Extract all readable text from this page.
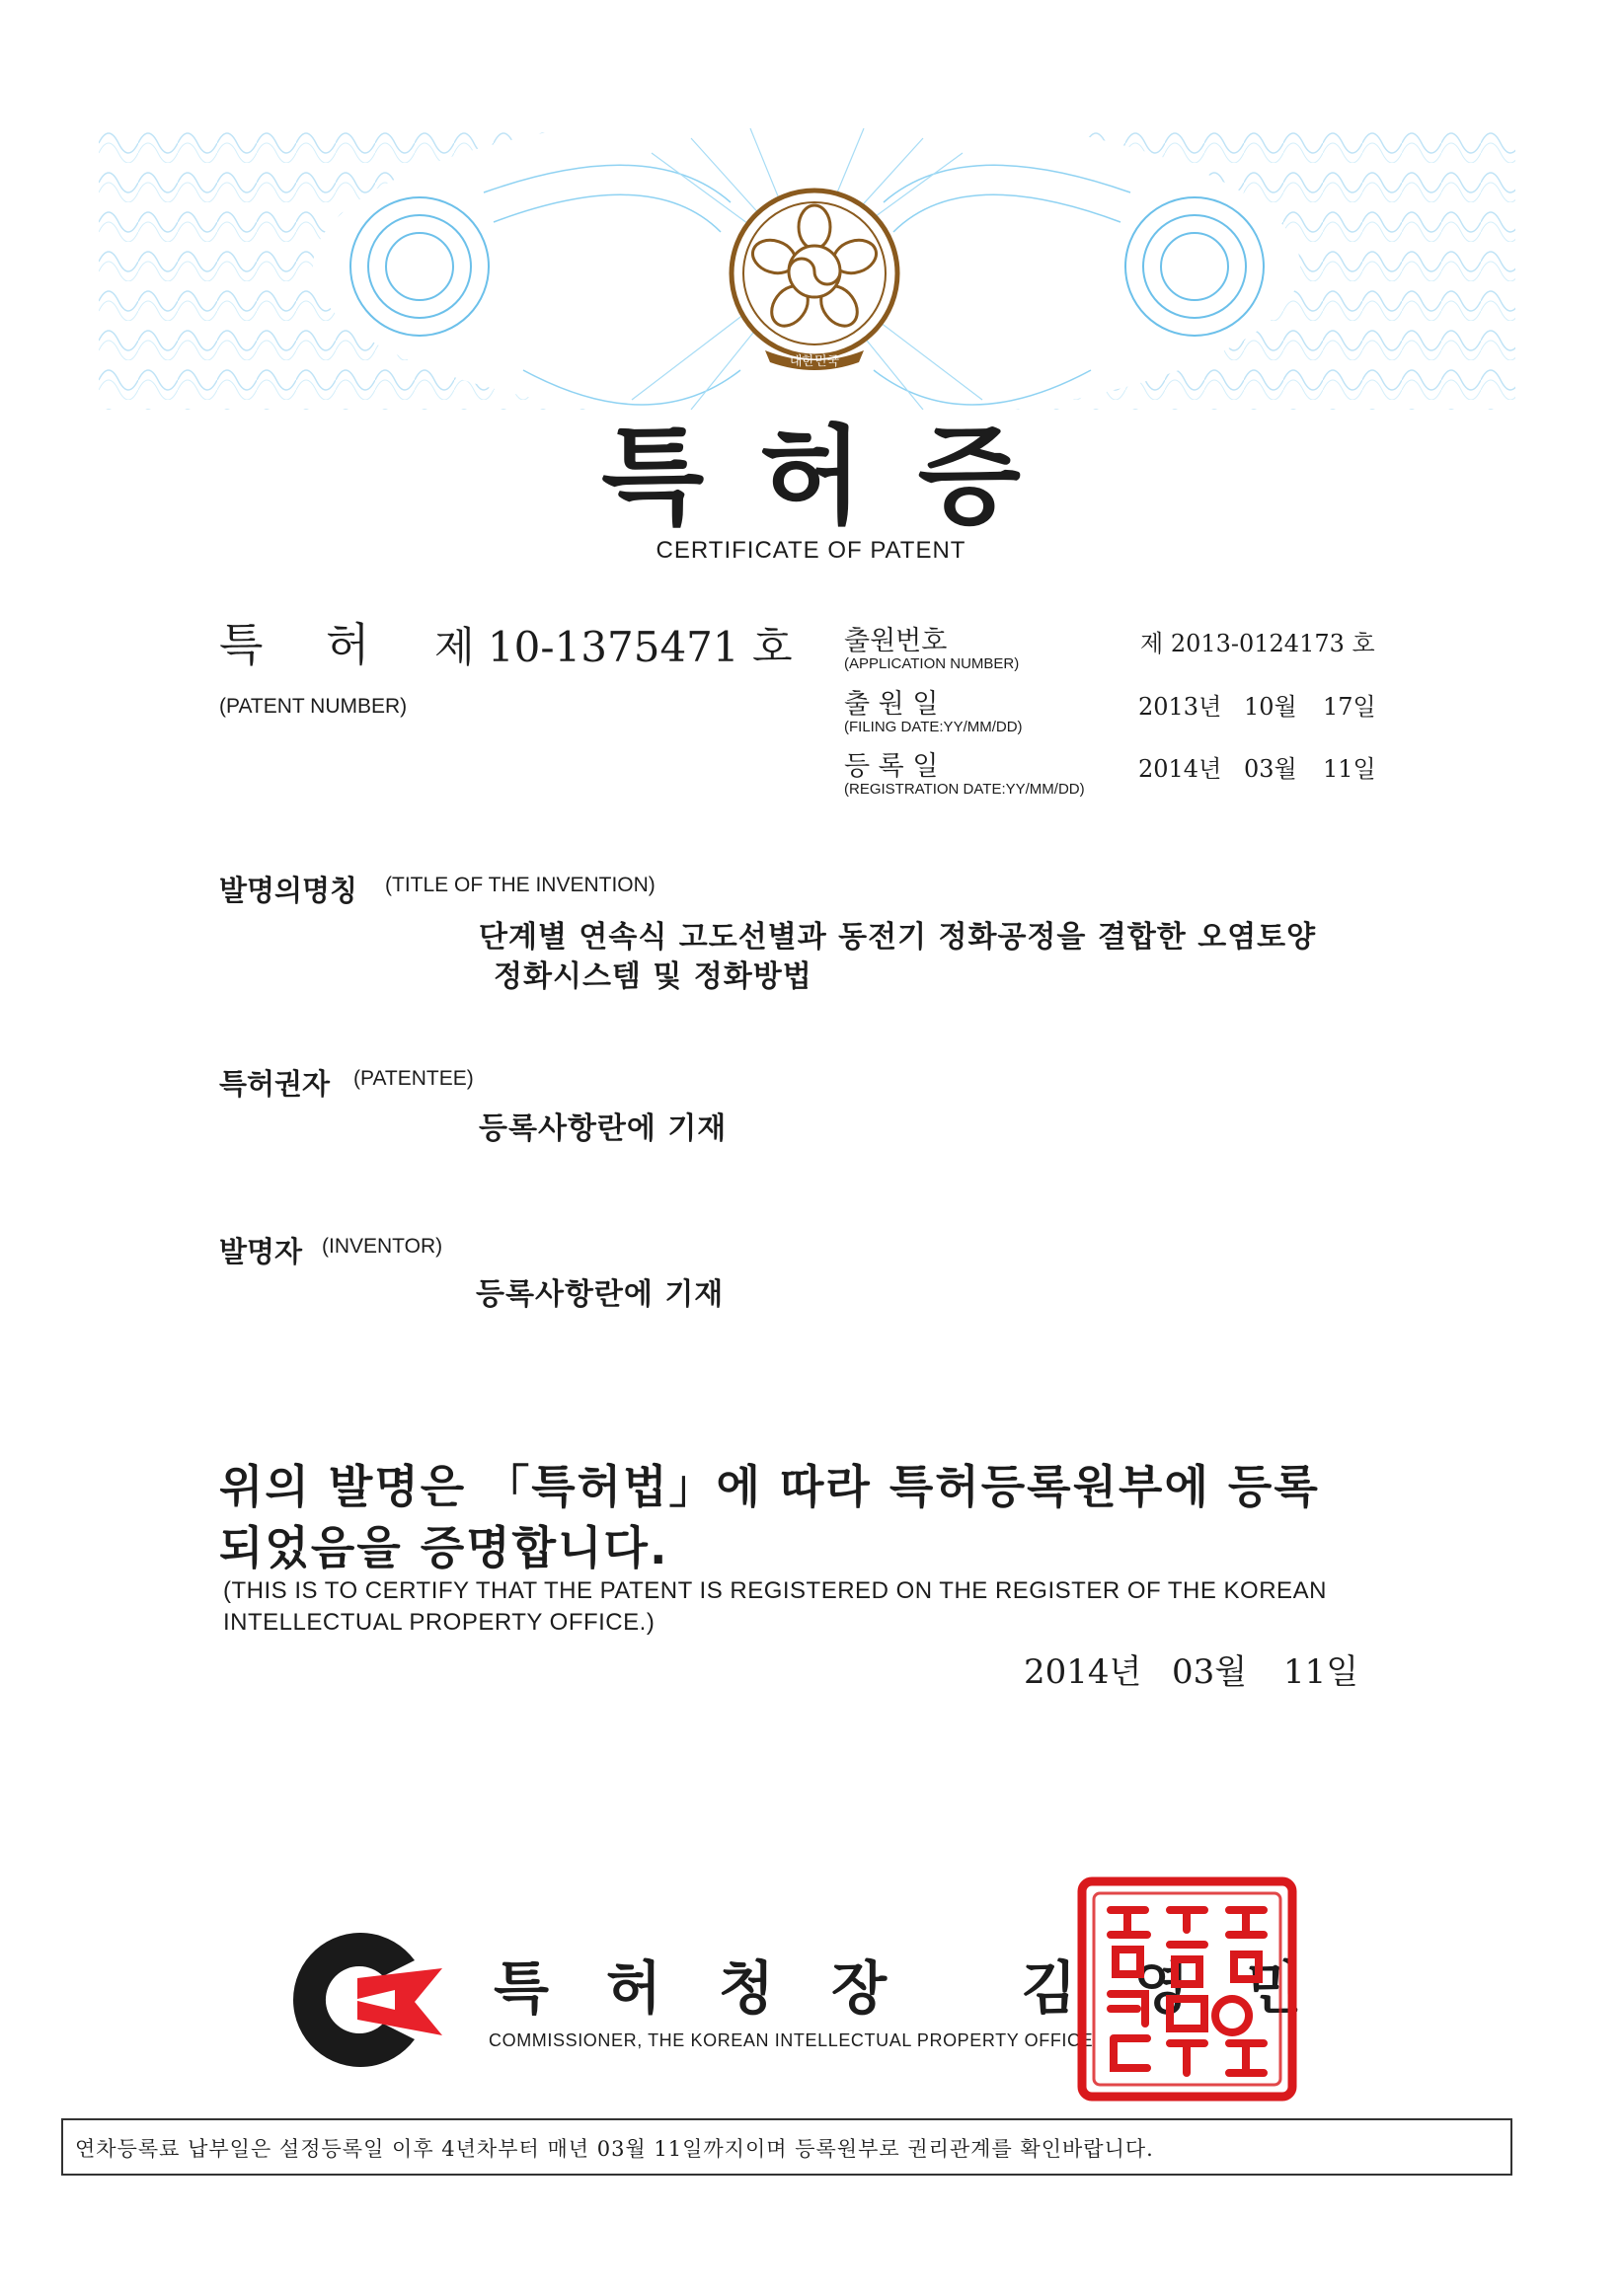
대한민국
특허증
CERTIFICATE OF PATENT
특 허 제 10-1375471 호
(PATENT NUMBER)
출원번호
(APPLICATION NUMBER)
제 2013-0124173 호
출 원 일
(FILING DATE:YY/MM/DD)
2013년 10월 17일
등 록 일
(REGISTRATION DATE:YY/MM/DD)
2014년 03월 11일
발명의명칭 (TITLE OF THE INVENTION)
단계별 연속식 고도선별과 동전기 정화공정을 결합한 오염토양
정화시스템 및 정화방법
특허권자 (PATENTEE)
등록사항란에 기재
발명자 (INVENTOR)
등록사항란에 기재
위의 발명은 「특허법」에 따라 특허등록원부에 등록
되었음을 증명합니다.
(THIS IS TO CERTIFY THAT THE PATENT IS REGISTERED ON THE REGISTER OF THE KOREAN
INTELLECTUAL PROPERTY OFFICE.)
2014년 03월 11일
특허청장 김영민
COMMISSIONER, THE KOREAN INTELLECTUAL PROPERTY OFFICE
연차등록료 납부일은 설정등록일 이후 4년차부터 매년 03월 11일까지이며 등록원부로 권리관계를 확인바랍니다.
